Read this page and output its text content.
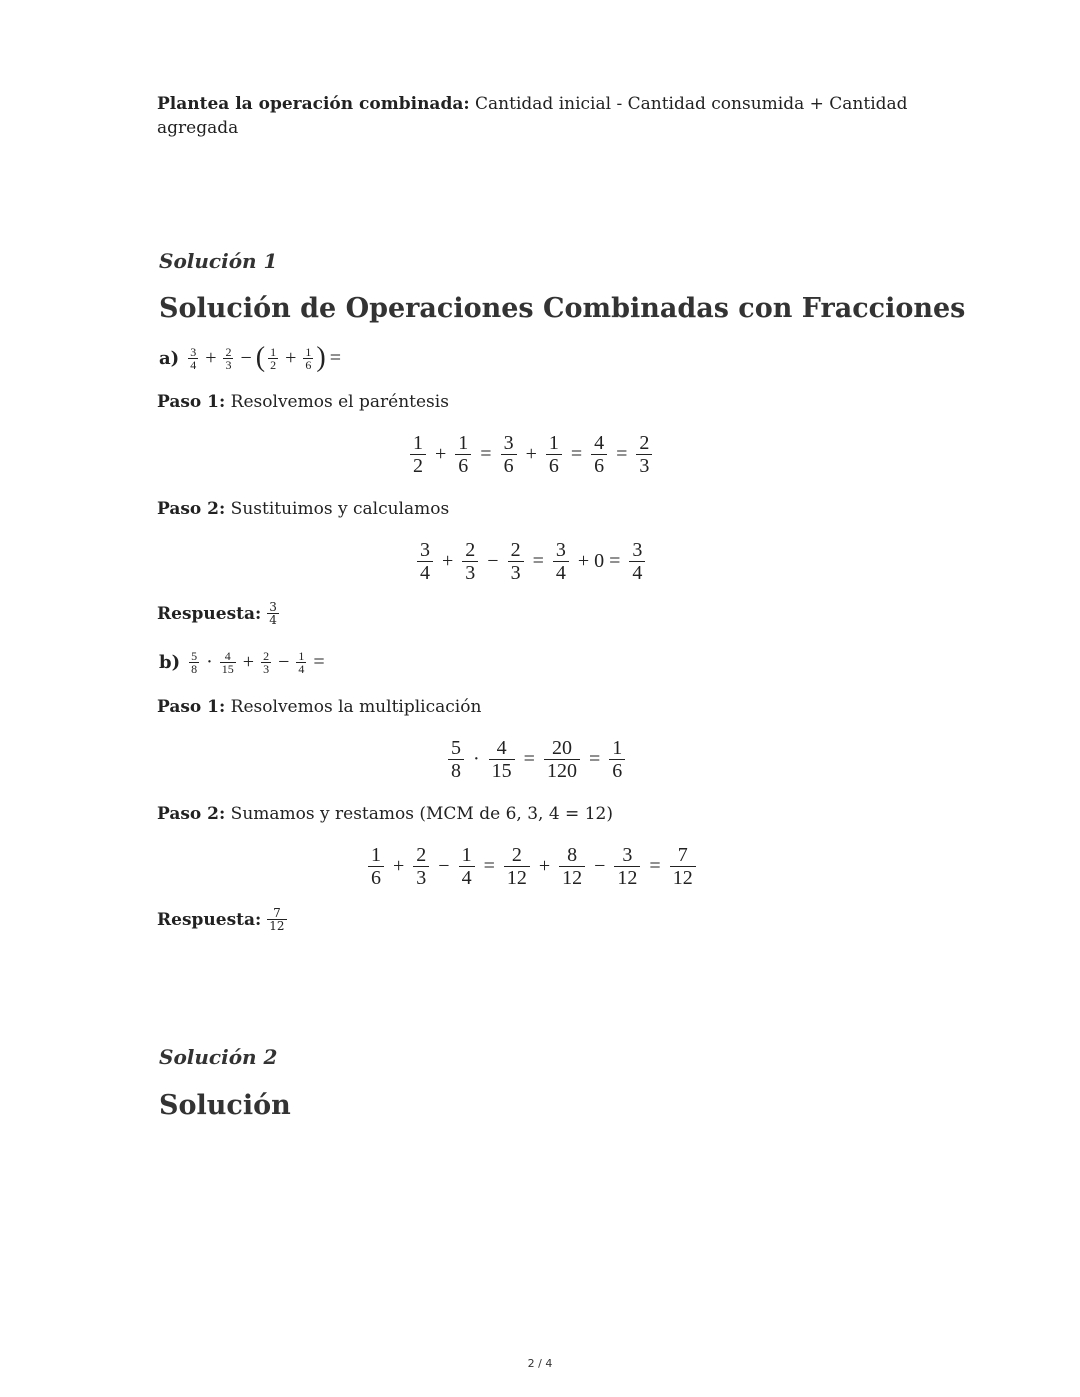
Plantea la operación combinada: Cantidad inicial - Cantidad consumida + Cantidad agregada
Solución 1
Solución de Operaciones Combinadas con Fracciones
$a) \frac{3}{4} + \frac{2}{3}$ − ( $\frac{1}{2} + \frac{1}{6}$ ) =
Paso 1: Resolvemos el paréntesis
$\frac{1}{2} + \frac{1}{6} = \frac{3}{6} + \frac{1}{6} = \frac{4}{6} = \frac{2}{3}$
Paso 2: Sustituimos y calculamos
$\frac{3}{4} + \frac{2}{3} - \frac{2}{3} = \frac{3}{4} + 0 = \frac{3}{4}$
Respuesta: $\frac{3}{4}$
$b) \frac{5}{8} \cdot \frac{4}{15} + \frac{2}{3} - \frac{1}{4}$ =
Paso 1: Resolvemos la multiplicación
$\frac{5}{8} \cdot \frac{4}{15} = \frac{20}{120} = \frac{1}{6}$
Paso 2: Sumamos y restamos (MCM de 6, 3, 4 = 12)
$\frac{1}{6} + \frac{2}{3} - \frac{1}{4} = \frac{2}{12} + \frac{8}{12} - \frac{3}{12} = \frac{7}{12}$
Respuesta: $\frac{7}{12}$
Solución 2
Solución
2 / 4
